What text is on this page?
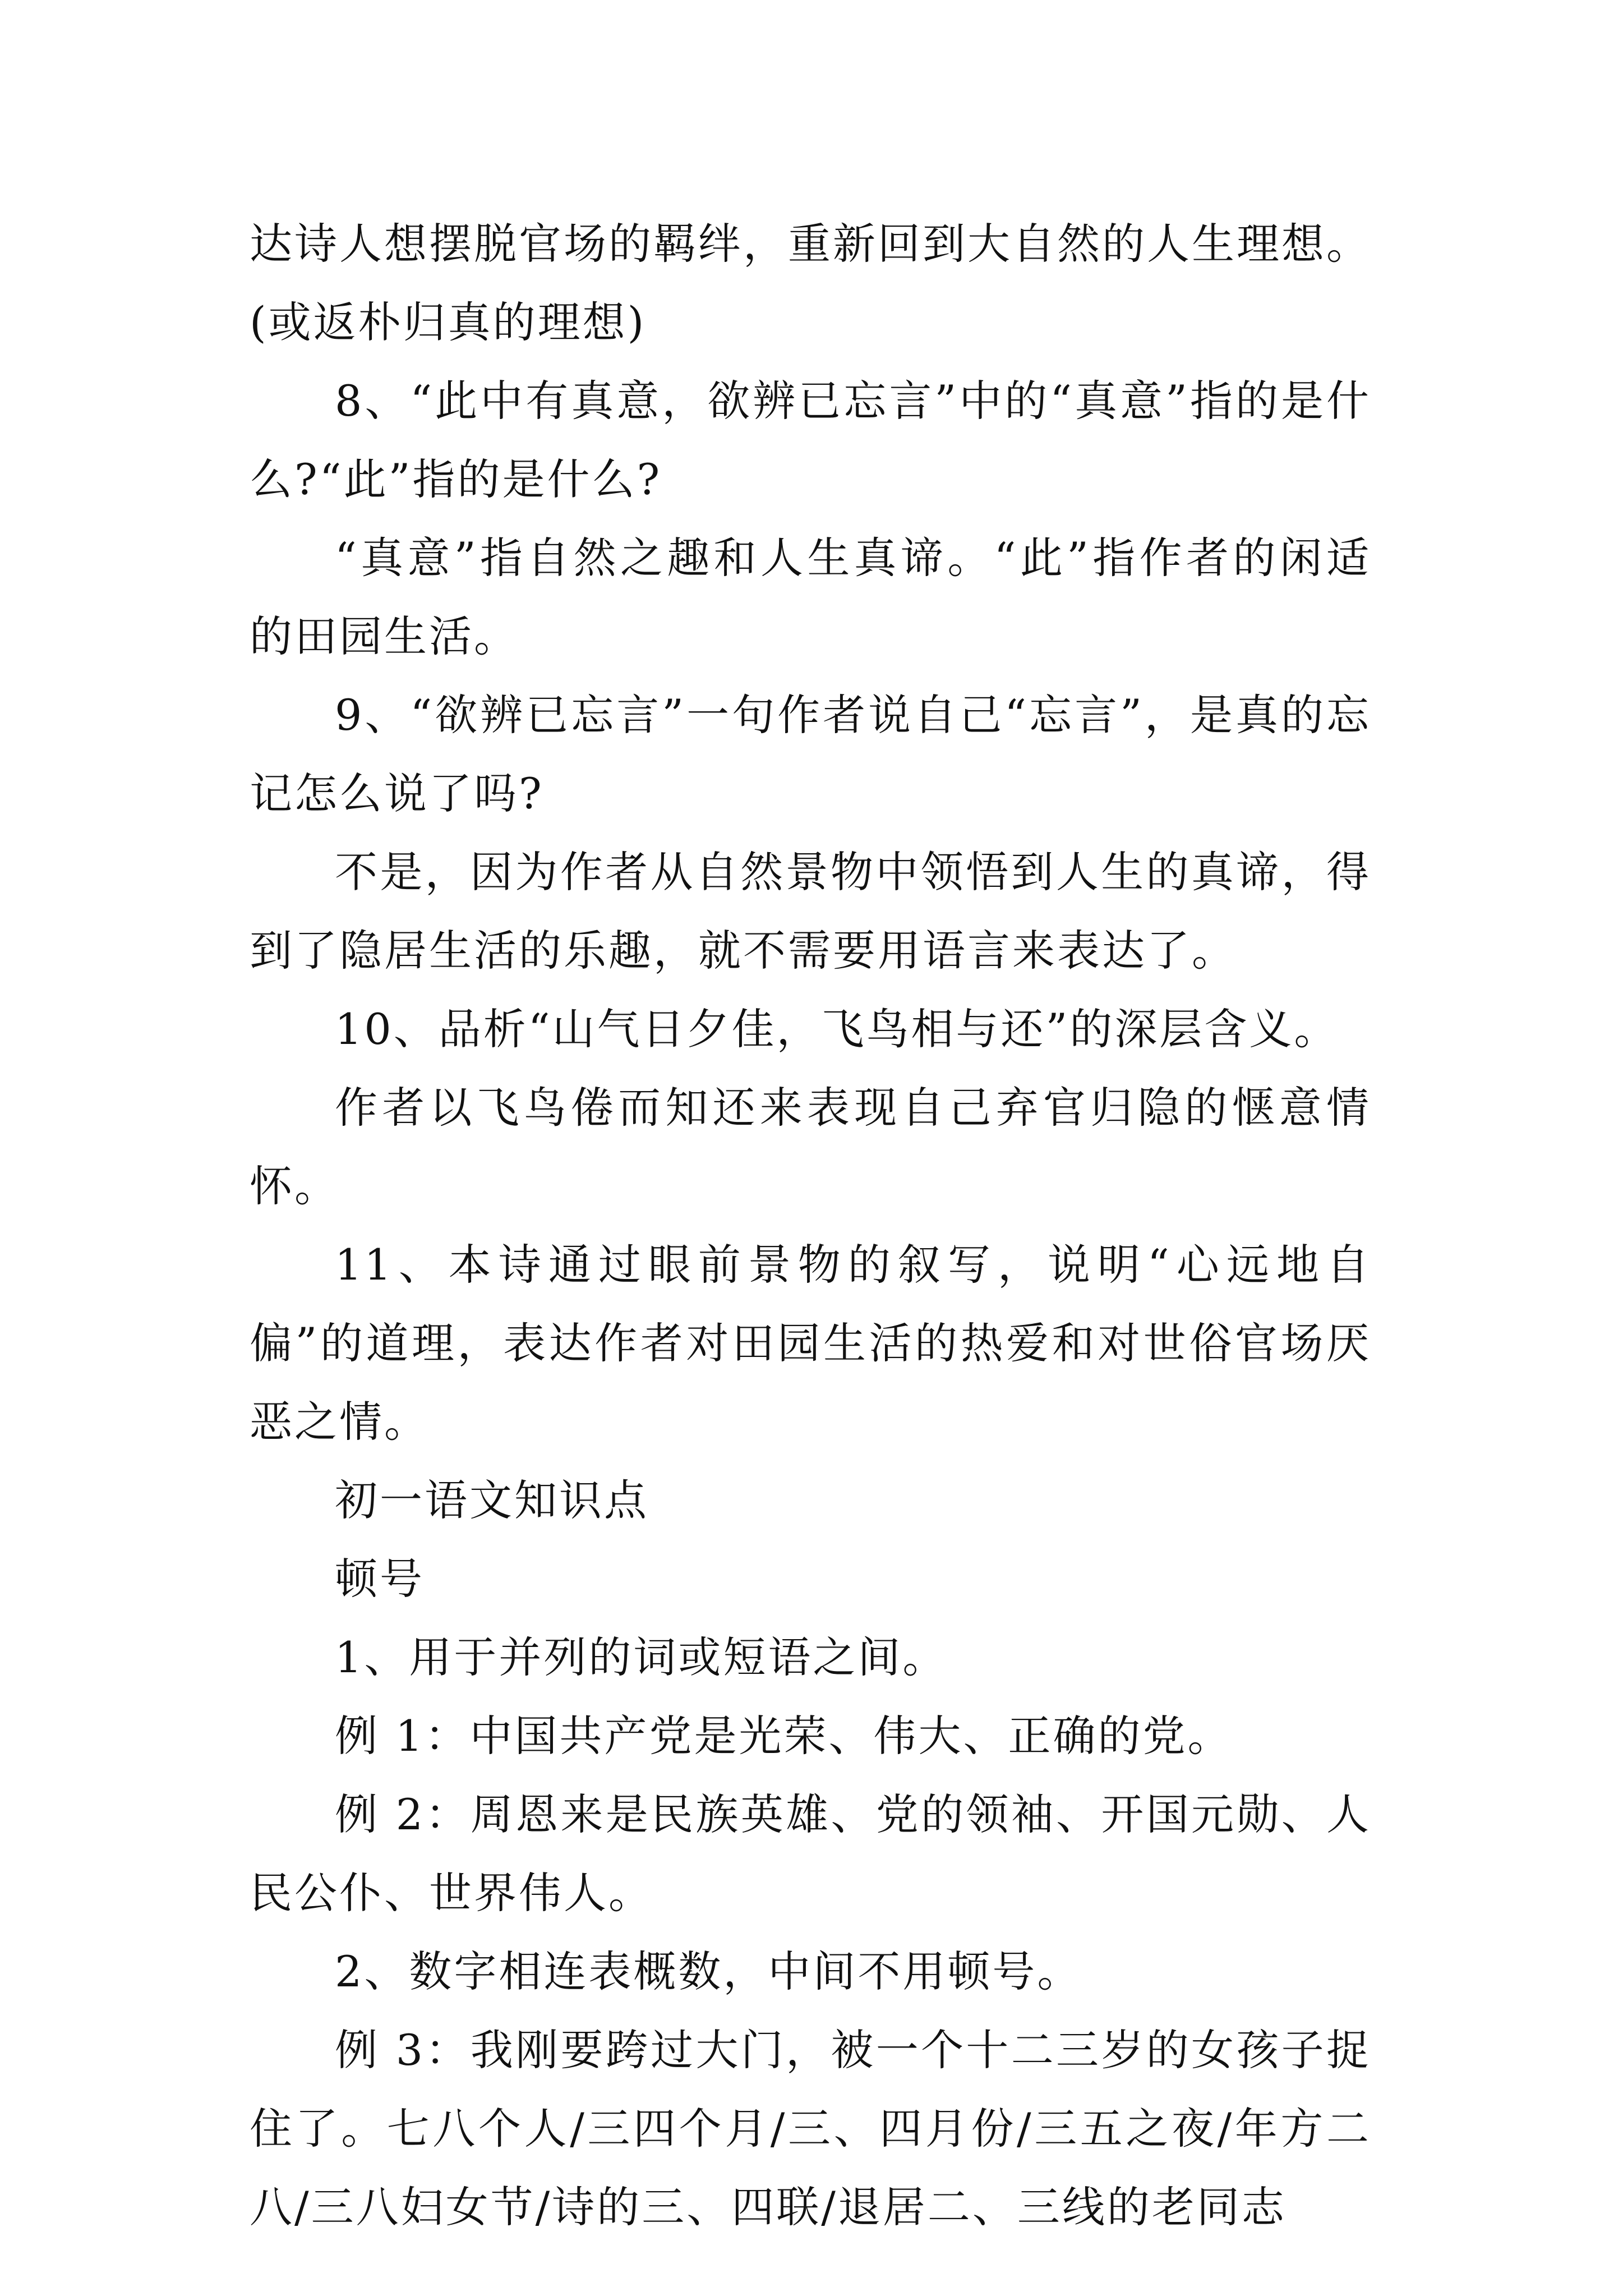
达诗人想摆脱官场的羁绊，重新回到大自然的人生理想。(或返朴归真的理想)

8、“此中有真意，欲辨已忘言”中的“真意”指的是什么?“此”指的是什么?

“真意”指自然之趣和人生真谛。“此”指作者的闲适的田园生活。

9、“欲辨已忘言”一句作者说自己“忘言”，是真的忘记怎么说了吗?

不是，因为作者从自然景物中领悟到人生的真谛，得到了隐居生活的乐趣，就不需要用语言来表达了。

10、品析“山气日夕佳，飞鸟相与还”的深层含义。

作者以飞鸟倦而知还来表现自己弃官归隐的惬意情怀。

11、本诗通过眼前景物的叙写，说明“心远地自偏”的道理，表达作者对田园生活的热爱和对世俗官场厌恶之情。

初一语文知识点

顿号

1、用于并列的词或短语之间。

例 1：中国共产党是光荣、伟大、正确的党。

例 2：周恩来是民族英雄、党的领袖、开国元勋、人民公仆、世界伟人。

2、数字相连表概数，中间不用顿号。

例 3：我刚要跨过大门，被一个十二三岁的女孩子捉住了。七八个人/三四个月/三、四月份/三五之夜/年方二八/三八妇女节/诗的三、四联/退居二、三线的老同志
